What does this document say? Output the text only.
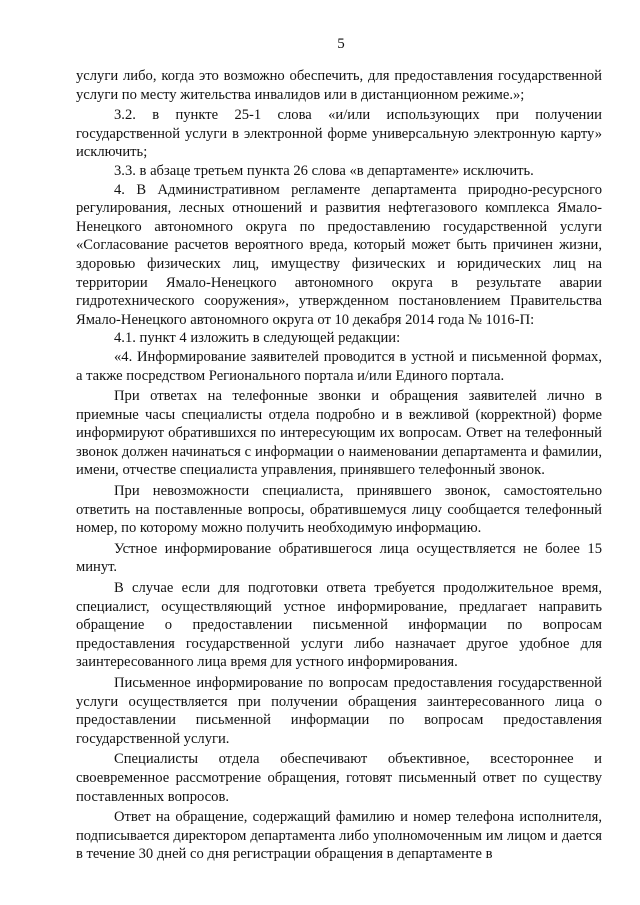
5

услуги либо, когда это возможно обеспечить, для предоставления государственной услуги по месту жительства инвалидов или в дистанционном режиме.»;

3.2. в пункте 25-1 слова «и/или использующих при получении государственной услуги в электронной форме универсальную электронную карту» исключить;

3.3. в абзаце третьем пункта 26 слова «в департаменте» исключить.

4. В Административном регламенте департамента природно-ресурсного регулирования, лесных отношений и развития нефтегазового комплекса Ямало-Ненецкого автономного округа по предоставлению государственной услуги «Согласование расчетов вероятного вреда, который может быть причинен жизни, здоровью физических лиц, имуществу физических и юридических лиц на территории Ямало-Ненецкого автономного округа в результате аварии гидротехнического сооружения», утвержденном постановлением Правительства Ямало-Ненецкого автономного округа от 10 декабря 2014 года № 1016-П:

4.1. пункт 4 изложить в следующей редакции:

«4. Информирование заявителей проводится в устной и письменной формах, а также посредством Регионального портала и/или Единого портала.

При ответах на телефонные звонки и обращения заявителей лично в приемные часы специалисты отдела подробно и в вежливой (корректной) форме информируют обратившихся по интересующим их вопросам. Ответ на телефонный звонок должен начинаться с информации о наименовании департамента и фамилии, имени, отчестве специалиста управления, принявшего телефонный звонок.

При невозможности специалиста, принявшего звонок, самостоятельно ответить на поставленные вопросы, обратившемуся лицу сообщается телефонный номер, по которому можно получить необходимую информацию.

Устное информирование обратившегося лица осуществляется не более 15 минут.

В случае если для подготовки ответа требуется продолжительное время, специалист, осуществляющий устное информирование, предлагает направить обращение о предоставлении письменной информации по вопросам предоставления государственной услуги либо назначает другое удобное для заинтересованного лица время для устного информирования.

Письменное информирование по вопросам предоставления государственной услуги осуществляется при получении обращения заинтересованного лица о предоставлении письменной информации по вопросам предоставления государственной услуги.

Специалисты отдела обеспечивают объективное, всестороннее и своевременное рассмотрение обращения, готовят письменный ответ по существу поставленных вопросов.

Ответ на обращение, содержащий фамилию и номер телефона исполнителя, подписывается директором департамента либо уполномоченным им лицом и дается в течение 30 дней со дня регистрации обращения в департаменте в
